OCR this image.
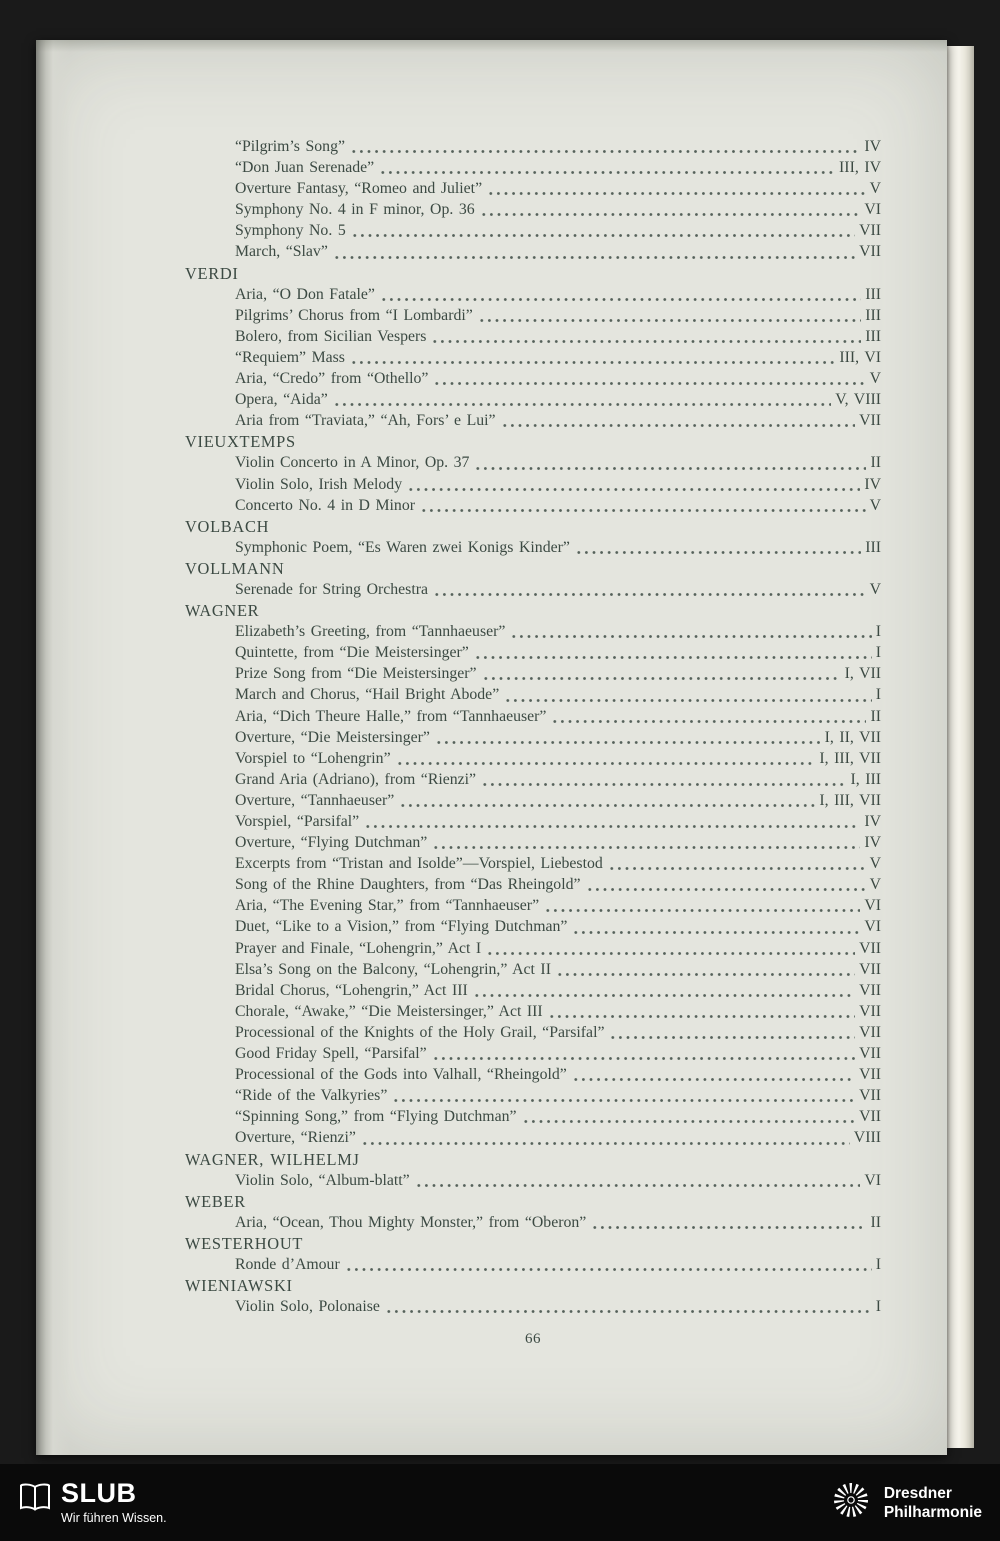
“Pilgrim’s Song”	IV
“Don Juan Serenade”	III, IV
Overture Fantasy, “Romeo and Juliet”	V
Symphony No. 4 in F minor, Op. 36	VI
Symphony No. 5	VII
March, “Slav”	VII
VERDI
Aria, “O Don Fatale”	III
Pilgrims’ Chorus from “I Lombardi”	III
Bolero, from Sicilian Vespers	III
“Requiem” Mass	III, VI
Aria, “Credo” from “Othello”	V
Opera, “Aida”	V, VIII
Aria from “Traviata,” “Ah, Fors’ e Lui”	VII
VIEUXTEMPS
Violin Concerto in A Minor, Op. 37	II
Violin Solo, Irish Melody	IV
Concerto No. 4 in D Minor	V
VOLBACH
Symphonic Poem, “Es Waren zwei Konigs Kinder”	III
VOLLMANN
Serenade for String Orchestra	V
WAGNER
Elizabeth’s Greeting, from “Tannhaeuser”	I
Quintette, from “Die Meistersinger”	I
Prize Song from “Die Meistersinger”	I, VII
March and Chorus, “Hail Bright Abode”	I
Aria, “Dich Theure Halle,” from “Tannhaeuser”	II
Overture, “Die Meistersinger”	I, II, VII
Vorspiel to “Lohengrin”	I, III, VII
Grand Aria (Adriano), from “Rienzi”	I, III
Overture, “Tannhaeuser”	I, III, VII
Vorspiel, “Parsifal”	IV
Overture, “Flying Dutchman”	IV
Excerpts from “Tristan and Isolde”—Vorspiel, Liebestod	V
Song of the Rhine Daughters, from “Das Rheingold”	V
Aria, “The Evening Star,” from “Tannhaeuser”	VI
Duet, “Like to a Vision,” from “Flying Dutchman”	VI
Prayer and Finale, “Lohengrin,” Act I	VII
Elsa’s Song on the Balcony, “Lohengrin,” Act II	VII
Bridal Chorus, “Lohengrin,” Act III	VII
Chorale, “Awake,” “Die Meistersinger,” Act III	VII
Processional of the Knights of the Holy Grail, “Parsifal”	VII
Good Friday Spell, “Parsifal”	VII
Processional of the Gods into Valhall, “Rheingold”	VII
“Ride of the Valkyries”	VII
“Spinning Song,” from “Flying Dutchman”	VII
Overture, “Rienzi”	VIII
WAGNER, WILHELMJ
Violin Solo, “Album-blatt”	VI
WEBER
Aria, “Ocean, Thou Mighty Monster,” from “Oberon”	II
WESTERHOUT
Ronde d’Amour	I
WIENIAWSKI
Violin Solo, Polonaise	I
66
SLUB
Wir führen Wissen.
Dresdner
Philharmonie
